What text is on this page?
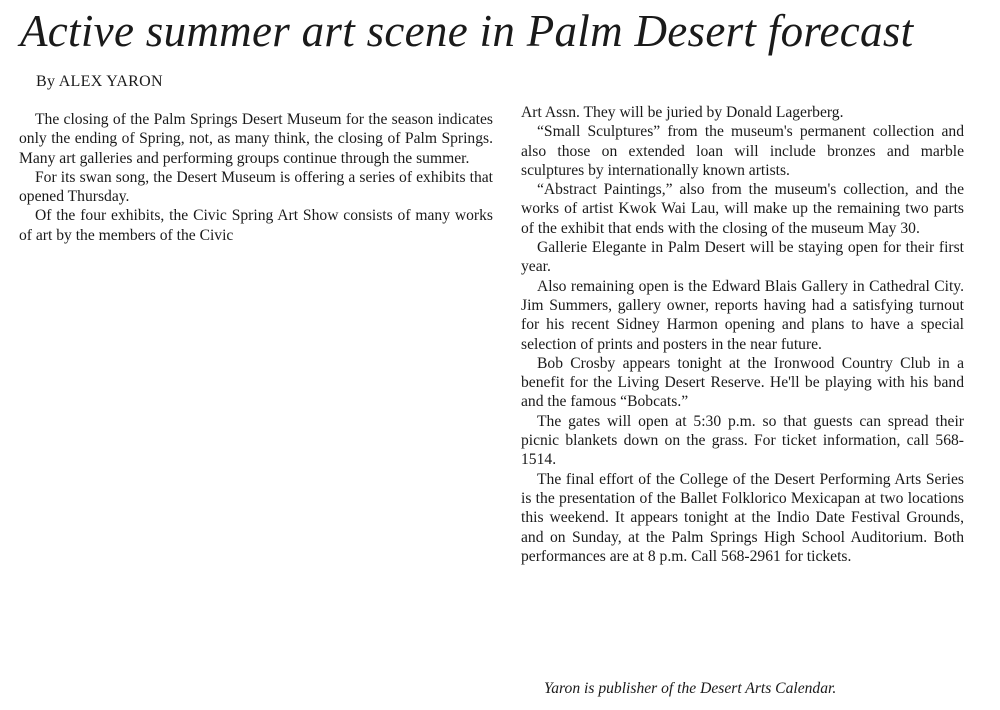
Active summer art scene in Palm Desert forecast
By ALEX YARON

The closing of the Palm Springs Desert Museum for the season indicates only the ending of Spring, not, as many think, the closing of Palm Springs. Many art galleries and performing groups continue through the summer.

For its swan song, the Desert Museum is offering a series of exhibits that opened Thursday.

Of the four exhibits, the Civic Spring Art Show consists of many works of art by the members of the Civic

Art Assn. They will be juried by Donald Lagerberg.

“Small Sculptures” from the museum's permanent collection and also those on extended loan will include bronzes and marble sculptures by internationally known artists.

“Abstract Paintings,” also from the museum's collection, and the works of artist Kwok Wai Lau, will make up the remaining two parts of the exhibit that ends with the closing of the museum May 30.

Gallerie Elegante in Palm Desert will be staying open for their first year.

Also remaining open is the Edward Blais Gallery in Cathedral City. Jim Summers, gallery owner, reports having had a satisfying turnout for his recent Sidney Harmon opening and plans to have a special selection of prints and posters in the near future.

Bob Crosby appears tonight at the Ironwood Country Club in a benefit for the Living Desert Reserve. He'll be playing with his band and the famous “Bobcats.”

The gates will open at 5:30 p.m. so that guests can spread their picnic blankets down on the grass. For ticket information, call 568-1514.

The final effort of the College of the Desert Performing Arts Series is the presentation of the Ballet Folklorico Mexicapan at two locations this weekend. It appears tonight at the Indio Date Festival Grounds, and on Sunday, at the Palm Springs High School Auditorium. Both performances are at 8 p.m. Call 568-2961 for tickets.

Yaron is publisher of the Desert Arts Calendar.
